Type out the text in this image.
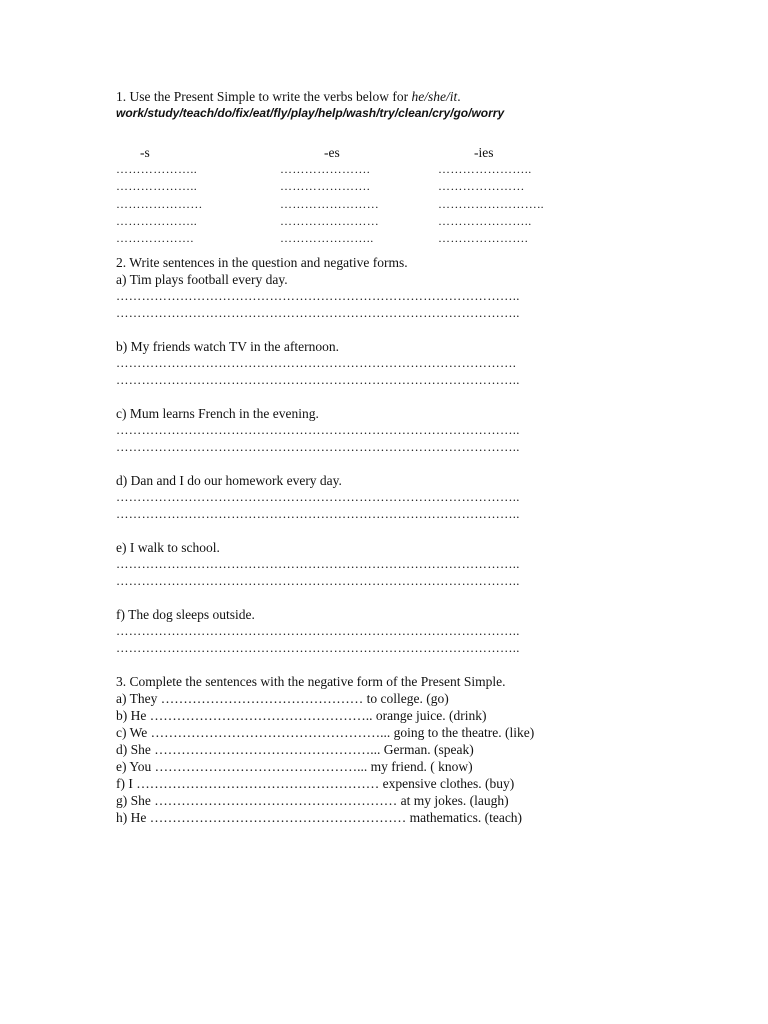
1. Use the Present Simple to write the verbs below for he/she/it.
work/study/teach/do/fix/eat/fly/play/help/wash/try/clean/cry/go/worry
-s
………………..
………………..
…………………
………………..
……………….
-es
………………….
………………….
……………………
……………………
…………………..
-ies
…………………..
…………………
……………………..
…………………..
………………….
2. Write sentences in the question and negative forms.
a) Tim plays football every day.
…………………………………………………………………………………..
…………………………………………………………………………………..
b) My friends watch TV in the afternoon.
………………………………………………………………………………….
…………………………………………………………………………………..
c) Mum learns French in the evening.
…………………………………………………………………………………..
…………………………………………………………………………………..
d) Dan and I do our homework every day.
…………………………………………………………………………………..
…………………………………………………………………………………..
e) I walk to school.
…………………………………………………………………………………..
…………………………………………………………………………………..
f) The dog sleeps outside.
…………………………………………………………………………………..
…………………………………………………………………………………..
3. Complete the sentences with the negative form of the Present Simple.
a) They ……………………………………… to college. (go)
b) He ………………………………………….. orange juice. (drink)
c) We ……………………………………………... going to the theatre. (like)
d) She …………………………………………... German. (speak)
e) You ………………………………………... my friend. ( know)
f) I ……………………………………………… expensive clothes. (buy)
g) She ……………………………………………… at my jokes. (laugh)
h) He ………………………………………………… mathematics. (teach)
